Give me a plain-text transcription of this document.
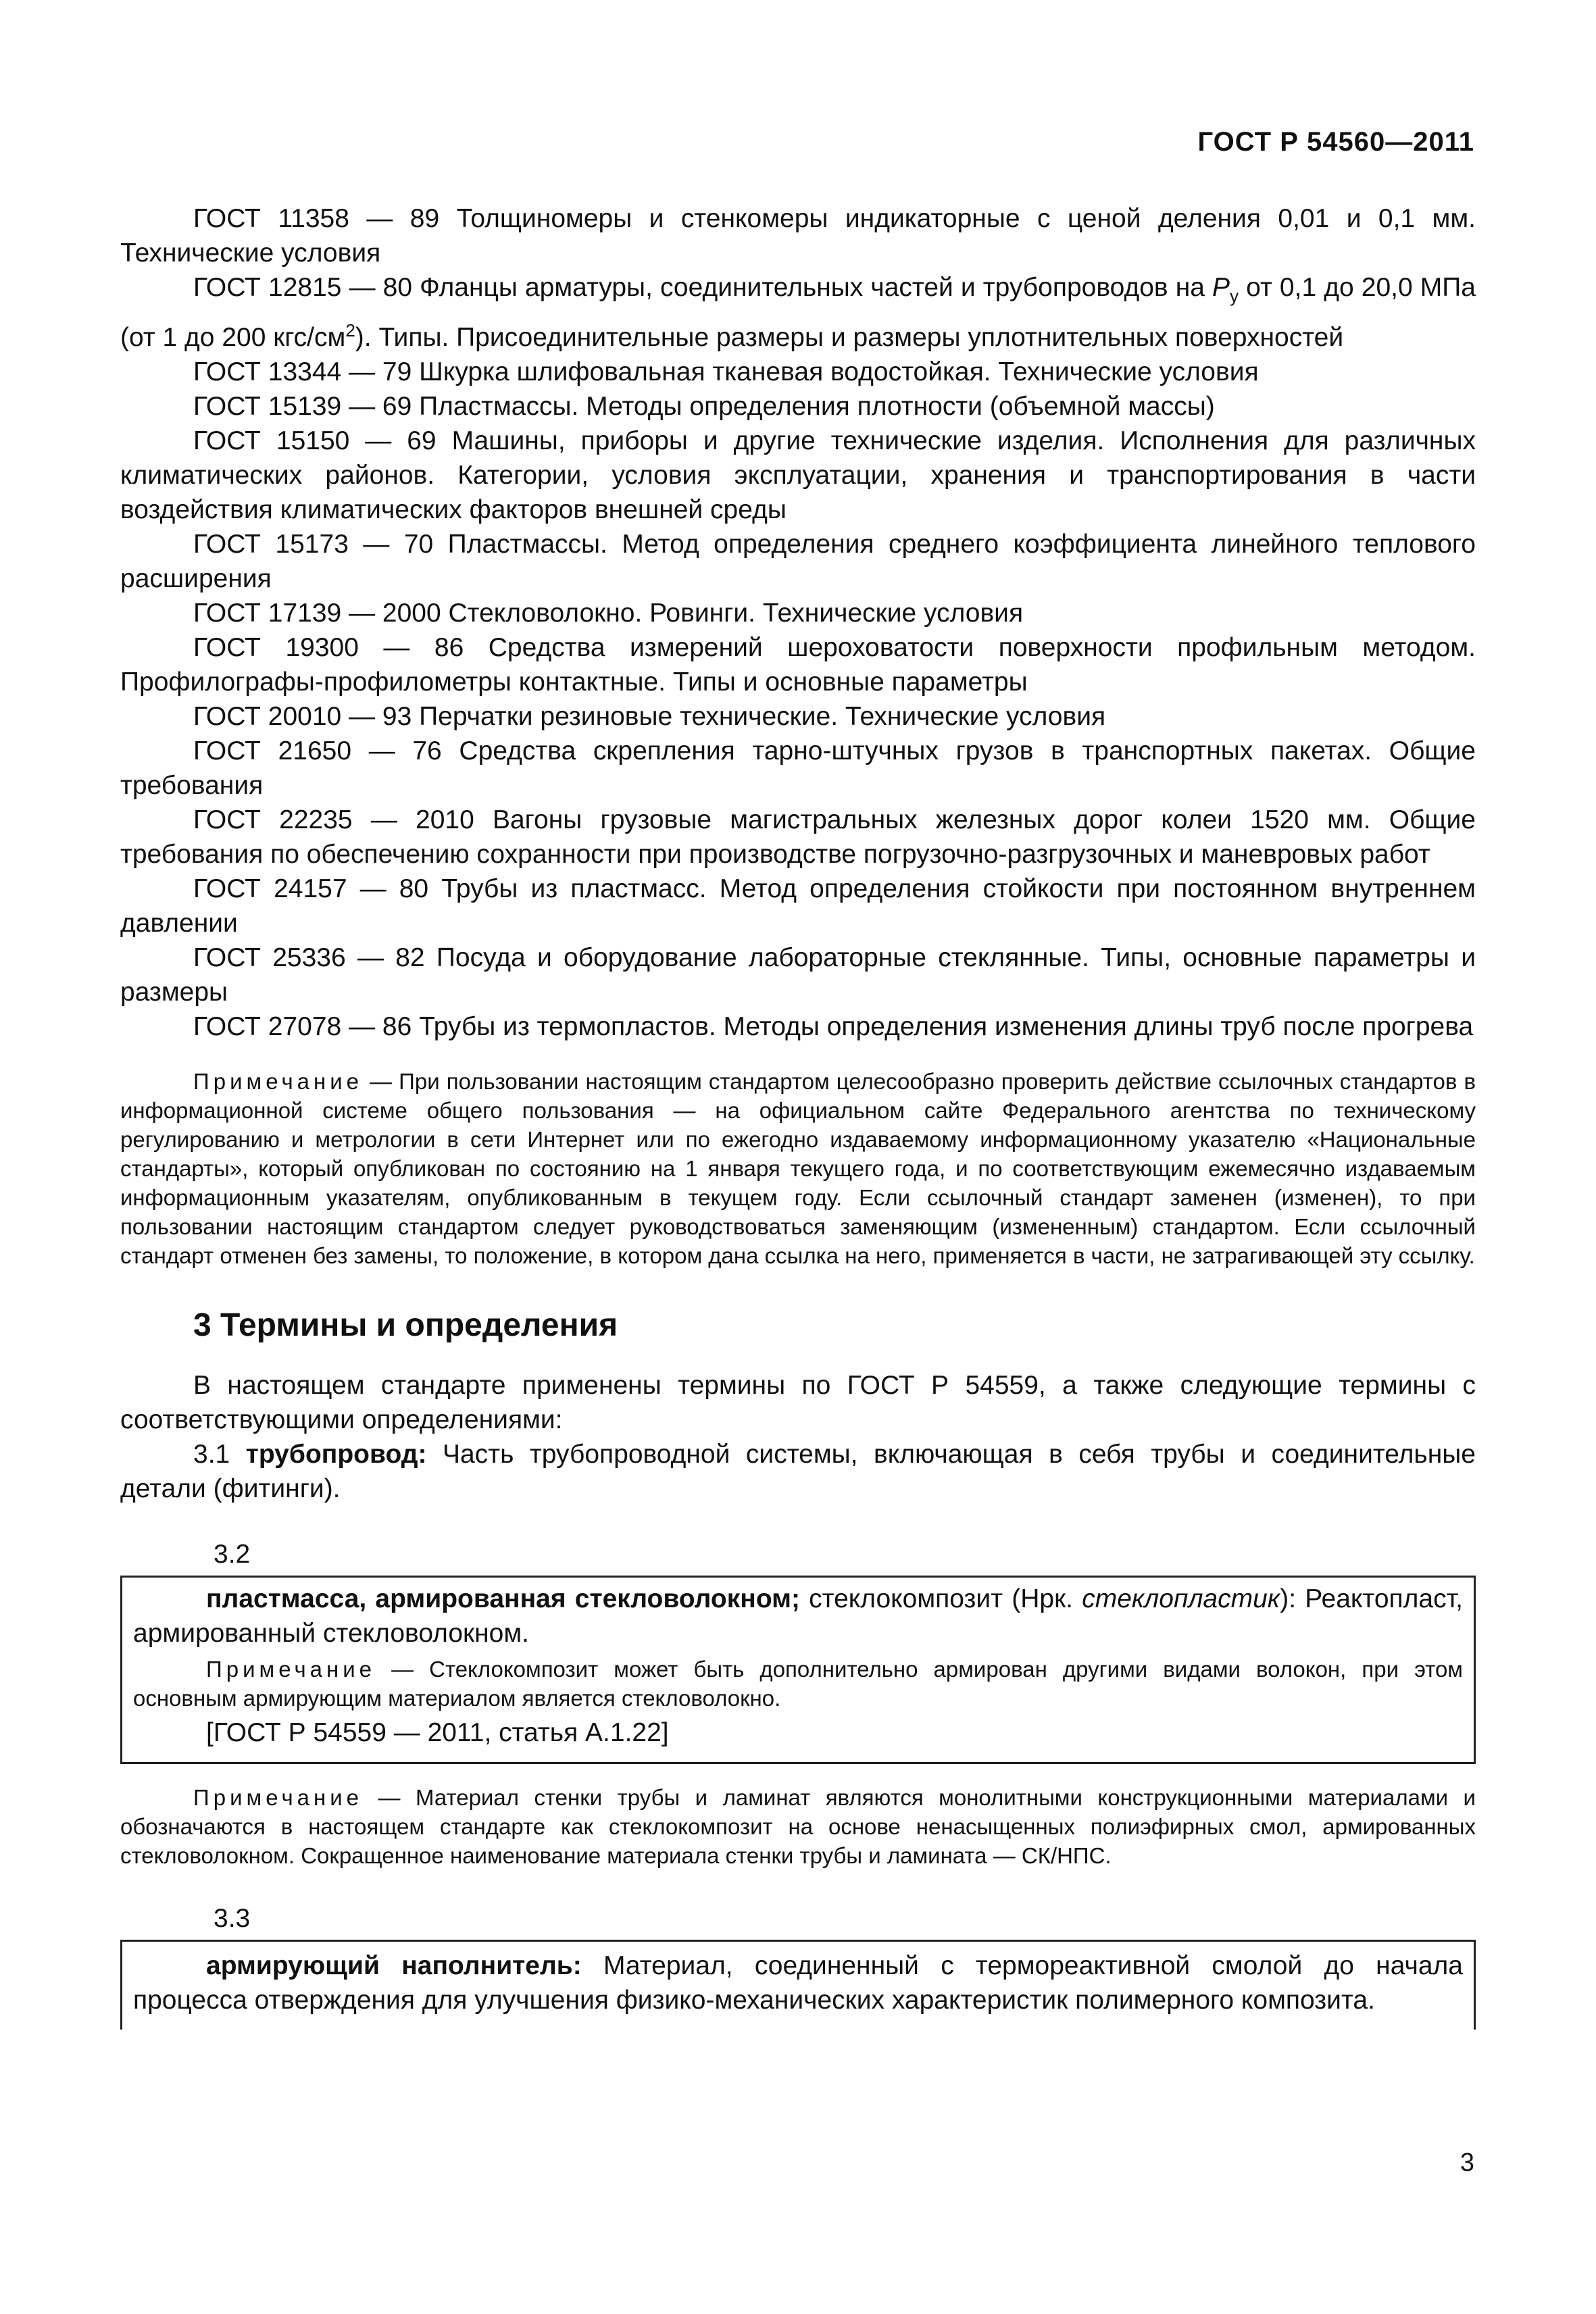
ГОСТ Р 54560—2011

ГОСТ 11358 — 89 Толщиномеры и стенкомеры индикаторные с ценой деления 0,01 и 0,1 мм. Технические условия

ГОСТ 12815 — 80 Фланцы арматуры, соединительных частей и трубопроводов на $P_у$ от 0,1 до 20,0 МПа (от 1 до 200 кгс/$см^2$). Типы. Присоединительные размеры и размеры уплотнительных поверхностей

ГОСТ 13344 — 79 Шкурка шлифовальная тканевая водостойкая. Технические условия

ГОСТ 15139 — 69 Пластмассы. Методы определения плотности (объемной массы)

ГОСТ 15150 — 69 Машины, приборы и другие технические изделия. Исполнения для различных климатических районов. Категории, условия эксплуатации, хранения и транспортирования в части воздействия климатических факторов внешней среды

ГОСТ 15173 — 70 Пластмассы. Метод определения среднего коэффициента линейного теплового расширения

ГОСТ 17139 — 2000 Стекловолокно. Ровинги. Технические условия

ГОСТ 19300 — 86 Средства измерений шероховатости поверхности профильным методом. Профилографы-профилометры контактные. Типы и основные параметры

ГОСТ 20010 — 93 Перчатки резиновые технические. Технические условия

ГОСТ 21650 — 76 Средства скрепления тарно-штучных грузов в транспортных пакетах. Общие требования

ГОСТ 22235 — 2010 Вагоны грузовые магистральных железных дорог колеи 1520 мм. Общие требования по обеспечению сохранности при производстве погрузочно-разгрузочных и маневровых работ

ГОСТ 24157 — 80 Трубы из пластмасс. Метод определения стойкости при постоянном внутреннем давлении

ГОСТ 25336 — 82 Посуда и оборудование лабораторные стеклянные. Типы, основные параметры и размеры

ГОСТ 27078 — 86 Трубы из термопластов. Методы определения изменения длины труб после прогрева

Примечание — При пользовании настоящим стандартом целесообразно проверить действие ссылочных стандартов в информационной системе общего пользования — на официальном сайте Федерального агентства по техническому регулированию и метрологии в сети Интернет или по ежегодно издаваемому информационному указателю «Национальные стандарты», который опубликован по состоянию на 1 января текущего года, и по соответствующим ежемесячно издаваемым информационным указателям, опубликованным в текущем году. Если ссылочный стандарт заменен (изменен), то при пользовании настоящим стандартом следует руководствоваться заменяющим (измененным) стандартом. Если ссылочный стандарт отменен без замены, то положение, в котором дана ссылка на него, применяется в части, не затрагивающей эту ссылку.

3 Термины и определения

В настоящем стандарте применены термины по ГОСТ Р 54559, а также следующие термины с соответствующими определениями:

3.1 трубопровод: Часть трубопроводной системы, включающая в себя трубы и соединительные детали (фитинги).

3.2

пластмасса, армированная стекловолокном; стеклокомпозит (Нрк. стеклопластик): Реактопласт, армированный стекловолокном.

Примечание — Стеклокомпозит может быть дополнительно армирован другими видами волокон, при этом основным армирующим материалом является стекловолокно.

[ГОСТ Р 54559 — 2011, статья А.1.22]

Примечание — Материал стенки трубы и ламинат являются монолитными конструкционными материалами и обозначаются в настоящем стандарте как стеклокомпозит на основе ненасыщенных полиэфирных смол, армированных стекловолокном. Сокращенное наименование материала стенки трубы и ламината — СК/НПС.

3.3

армирующий наполнитель: Материал, соединенный с термореактивной смолой до начала процесса отверждения для улучшения физико-механических характеристик полимерного композита.

3
